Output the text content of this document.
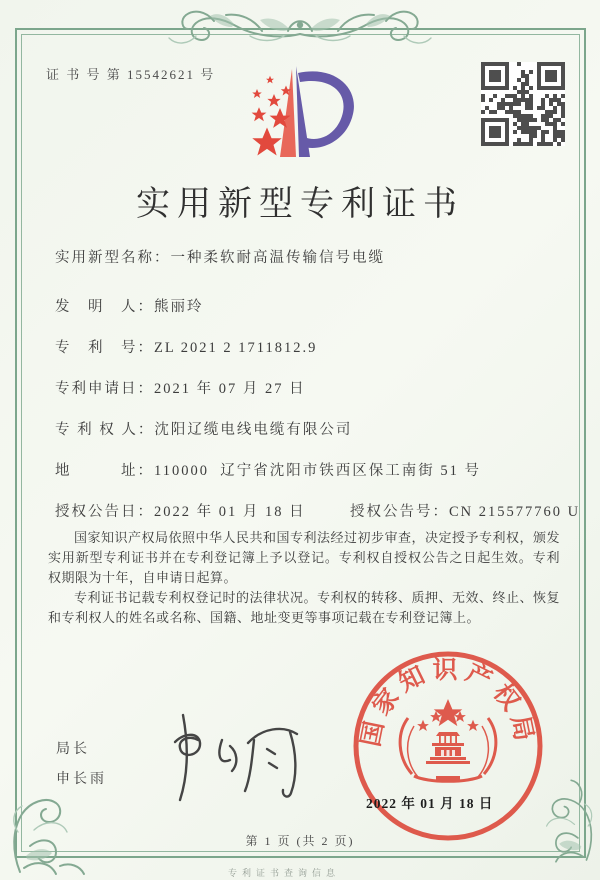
证 书 号 第 15542621 号
实用新型专利证书
实用新型名称： 一种柔软耐高温传输信号电缆
发　明　人： 熊丽玲
专　利　号： ZL 2021 2 1711812.9
专利申请日： 2021 年 07 月 27 日
专 利 权 人： 沈阳辽缆电线电缆有限公司
地　　　址： 110000  辽宁省沈阳市铁西区保工南街 51 号
授权公告日： 2022 年 01 月 18 日	授权公告号： CN 215577760 U

国家知识产权局依照中华人民共和国专利法经过初步审查，决定授予专利权，颁发实用新型专利证书并在专利登记簿上予以登记。专利权自授权公告之日起生效。专利权期限为十年，自申请日起算。

专利证书记载专利权登记时的法律状况。专利权的转移、质押、无效、终止、恢复和专利权人的姓名或名称、国籍、地址变更等事项记载在专利登记簿上。

局长
申长雨
国家知识产权局
2022 年 01 月 18 日
第 1 页 (共 2 页)
专利证书查询信息
